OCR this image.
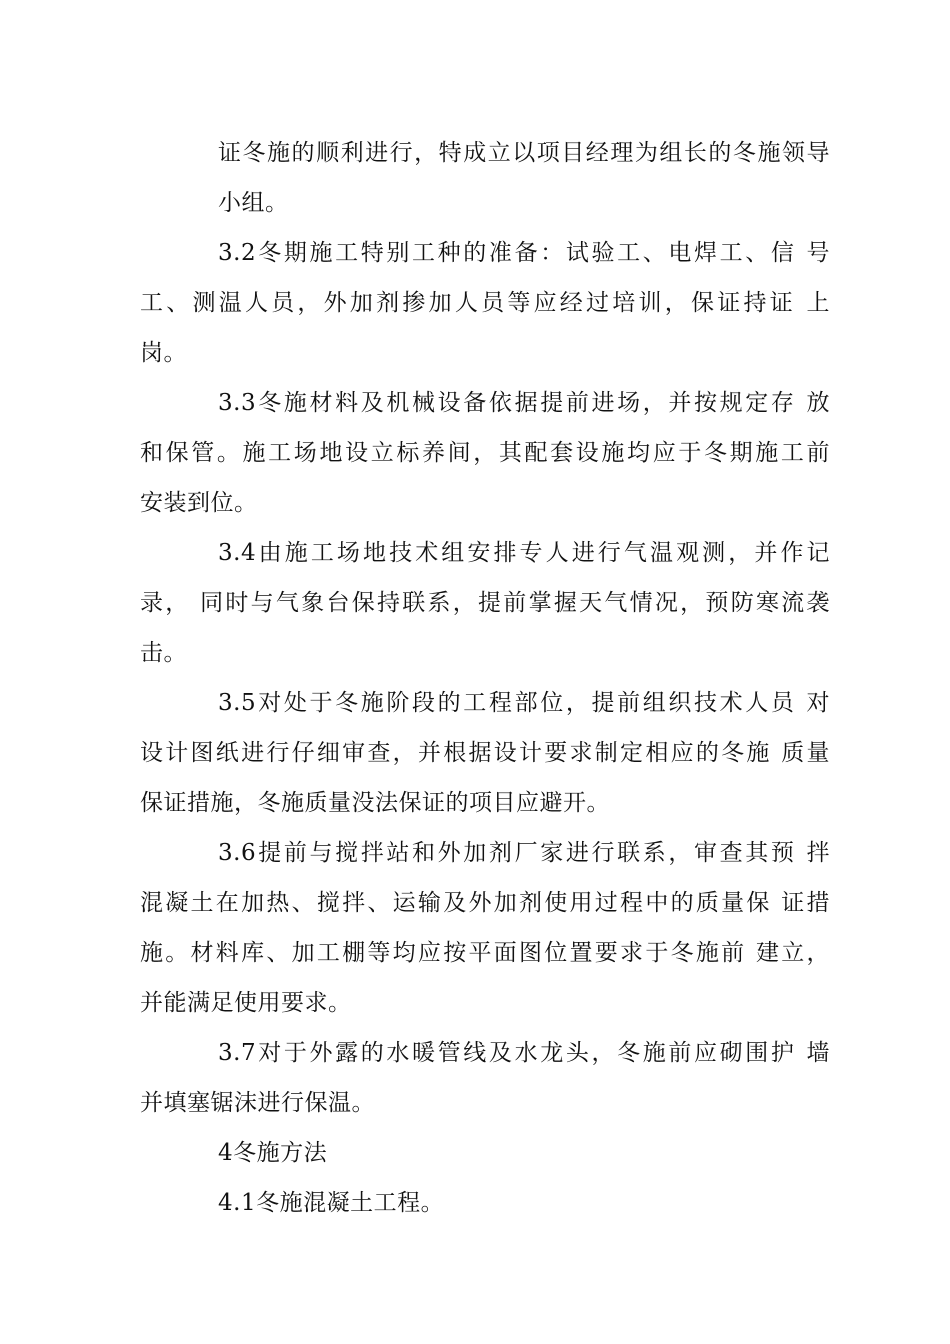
证冬施的顺利进行，特成立以项目经理为组长的冬施领导
小组。
3.2冬期施工特别工种的准备：试验工、电焊工、信 号
工、测温人员，外加剂掺加人员等应经过培训，保证持证 上
岗。
3.3冬施材料及机械设备依据提前进场，并按规定存 放
和保管。施工场地设立标养间，其配套设施均应于冬期施工前
安装到位。
3.4由施工场地技术组安排专人进行气温观测，并作记
录， 同时与气象台保持联系，提前掌握天气情况，预防寒流袭
击。
3.5对处于冬施阶段的工程部位，提前组织技术人员 对
设计图纸进行仔细审查，并根据设计要求制定相应的冬施 质量
保证措施，冬施质量没法保证的项目应避开。
3.6提前与搅拌站和外加剂厂家进行联系，审查其预 拌
混凝土在加热、搅拌、运输及外加剂使用过程中的质量保 证措
施。材料库、加工棚等均应按平面图位置要求于冬施前 建立，
并能满足使用要求。
3.7对于外露的水暖管线及水龙头，冬施前应砌围护 墙
并填塞锯沫进行保温。
4冬施方法
4.1冬施混凝土工程。
